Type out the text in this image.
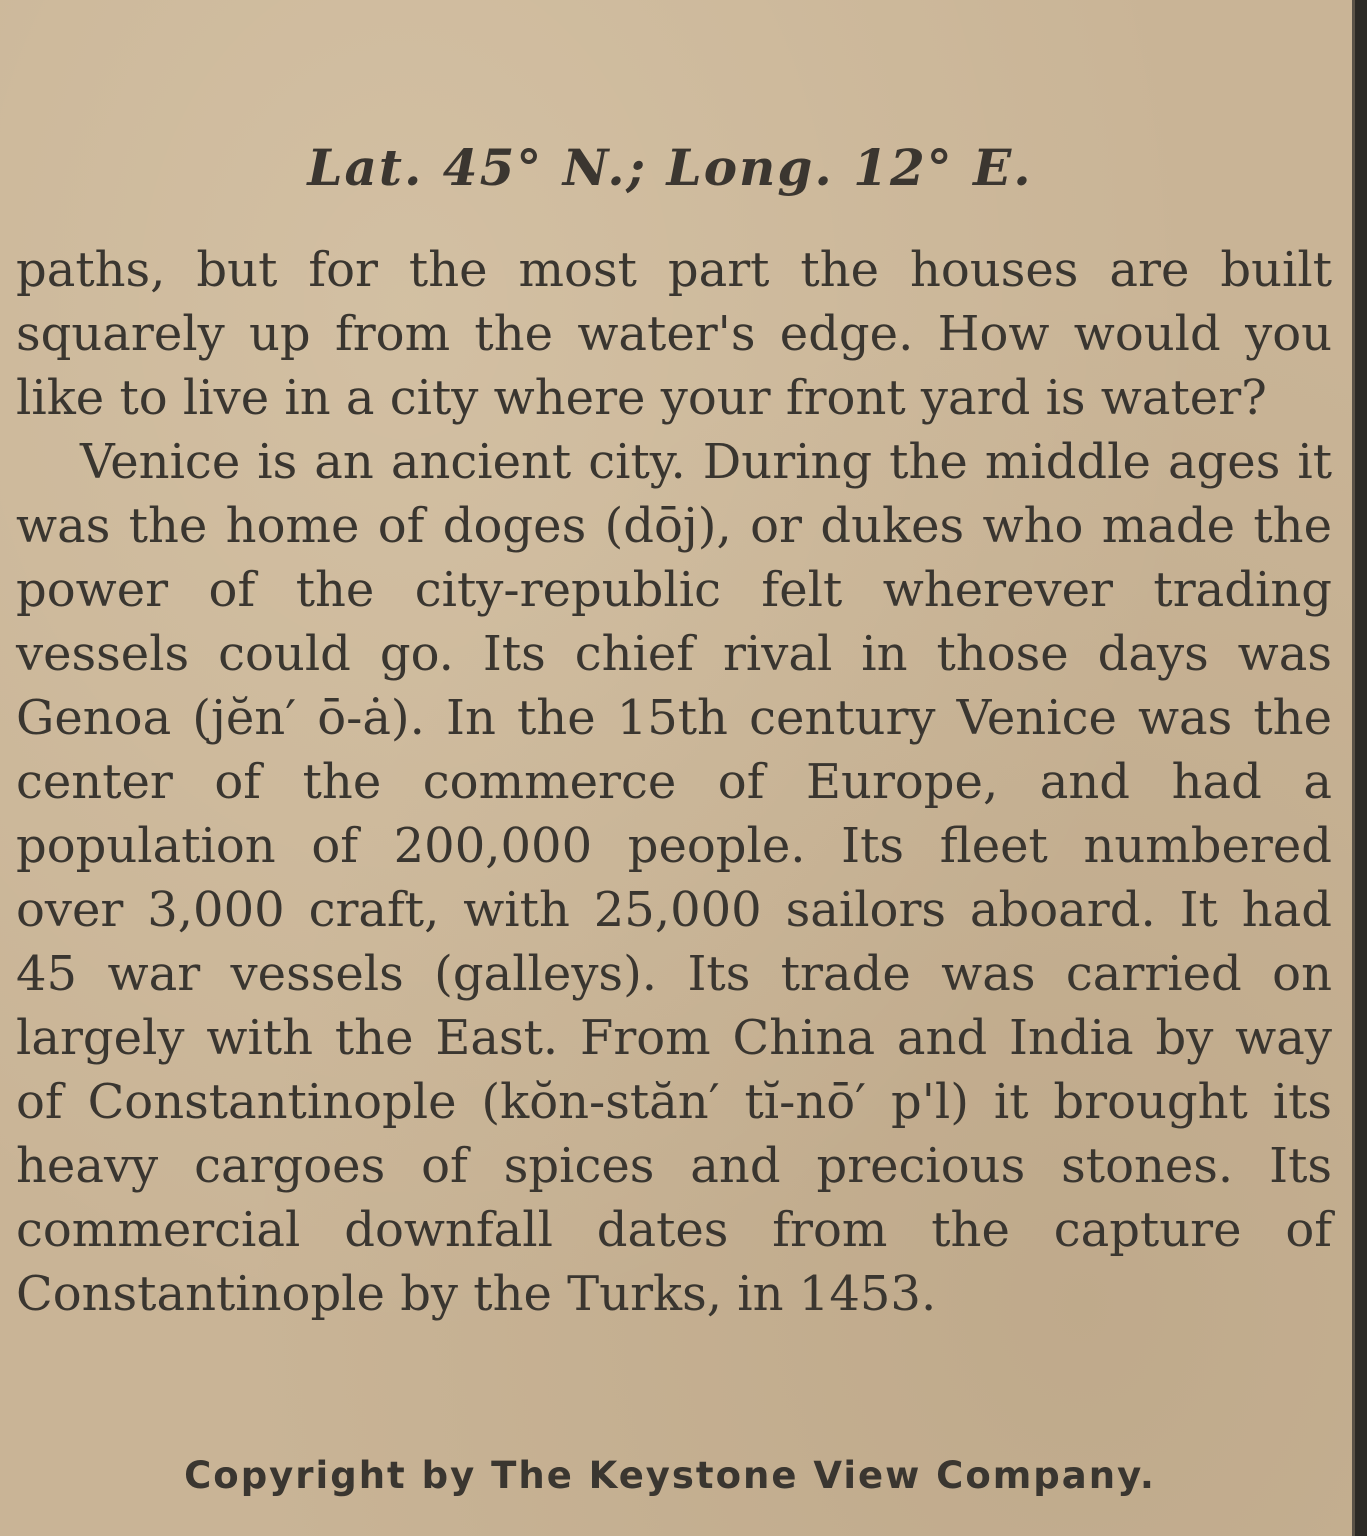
Lat. 45° N.; Long. 12° E.

paths, but for the most part the houses are built squarely up from the water's edge. How would you like to live in a city where your front yard is water?

Venice is an ancient city. During the middle ages it was the home of doges (dōj), or dukes who made the power of the city-republic felt wherever trading vessels could go. Its chief rival in those days was Genoa (jĕn′ ō-ȧ). In the 15th century Venice was the center of the commerce of Europe, and had a population of 200,000 people. Its fleet numbered over 3,000 craft, with 25,000 sailors aboard. It had 45 war vessels (galleys). Its trade was carried on largely with the East. From China and India by way of Constantinople (kŏn-stăn′ tĭ-nō′ p'l) it brought its heavy cargoes of spices and precious stones. Its commercial downfall dates from the capture of Constantinople by the Turks, in 1453.

Copyright by The Keystone View Company.
